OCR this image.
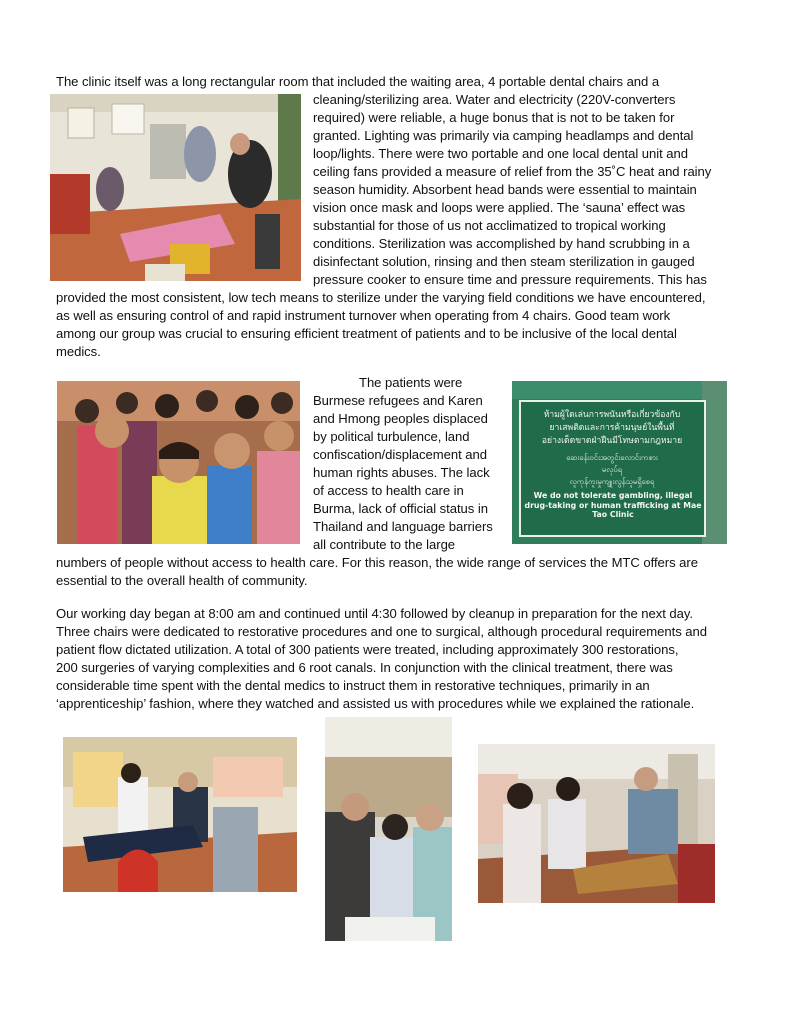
The clinic itself was a long rectangular room that included the waiting area, 4 portable dental chairs and a
cleaning/sterilizing area. Water and electricity (220V-converters
required) were reliable, a huge bonus that is not to be taken for
granted. Lighting was primarily via camping headlamps and dental
loop/lights. There were two portable and one local dental unit and
ceiling fans provided a measure of relief from the 35˚C heat and rainy
season humidity. Absorbent head bands were essential to maintain
vision once mask and loops were applied. The ‘sauna’ effect was
substantial for those of us not acclimatized to tropical working
conditions. Sterilization was accomplished by hand scrubbing in a
disinfectant solution, rinsing and then steam sterilization in gauged
pressure cooker to ensure time and pressure requirements. This has
provided the most consistent, low tech means to sterilize under the varying field conditions we have encountered,
as well as ensuring control of and rapid instrument turnover when operating from 4 chairs. Good team work
among our group was crucial to ensuring efficient treatment of patients and to be inclusive of the local dental
medics.
The patients were
Burmese refugees and Karen
and Hmong peoples displaced
by political turbulence, land
confiscation/displacement and
human rights abuses. The lack
of access to health care in
Burma, lack of official status in
Thailand and language barriers
all contribute to the large
numbers of people without access to health care. For this reason, the wide range of services the MTC offers are
essential to the overall health of community.
ห้ามผู้ใดเล่นการพนันหรือเกี่ยวข้องกับ
ยาเสพติดและการค้ามนุษย์ในพื้นที่
อย่างเด็ดขาดฝ่าฝืนมีโทษตามกฎหมาย
ဆေးခန်းဝင်းအတွင်းလောင်းကစား
မလုပ်ရ
လူကုန်ကူးမှုကျူးလွန်သူမရှိစေရ
We do not tolerate gambling, illegal drug-taking or human trafficking at Mae Tao Clinic
Our working day began at 8:00 am and continued until 4:30 followed by cleanup in preparation for the next day.
Three chairs were dedicated to restorative procedures and one to surgical, although procedural requirements and
patient flow dictated utilization. A total of 300 patients were treated, including approximately 300 restorations,
200 surgeries of varying complexities and 6 root canals. In conjunction with the clinical treatment, there was
considerable time spent with the dental medics to instruct them in restorative techniques, primarily in an
‘apprenticeship’ fashion, where they watched and assisted us with procedures while we explained the rationale.
